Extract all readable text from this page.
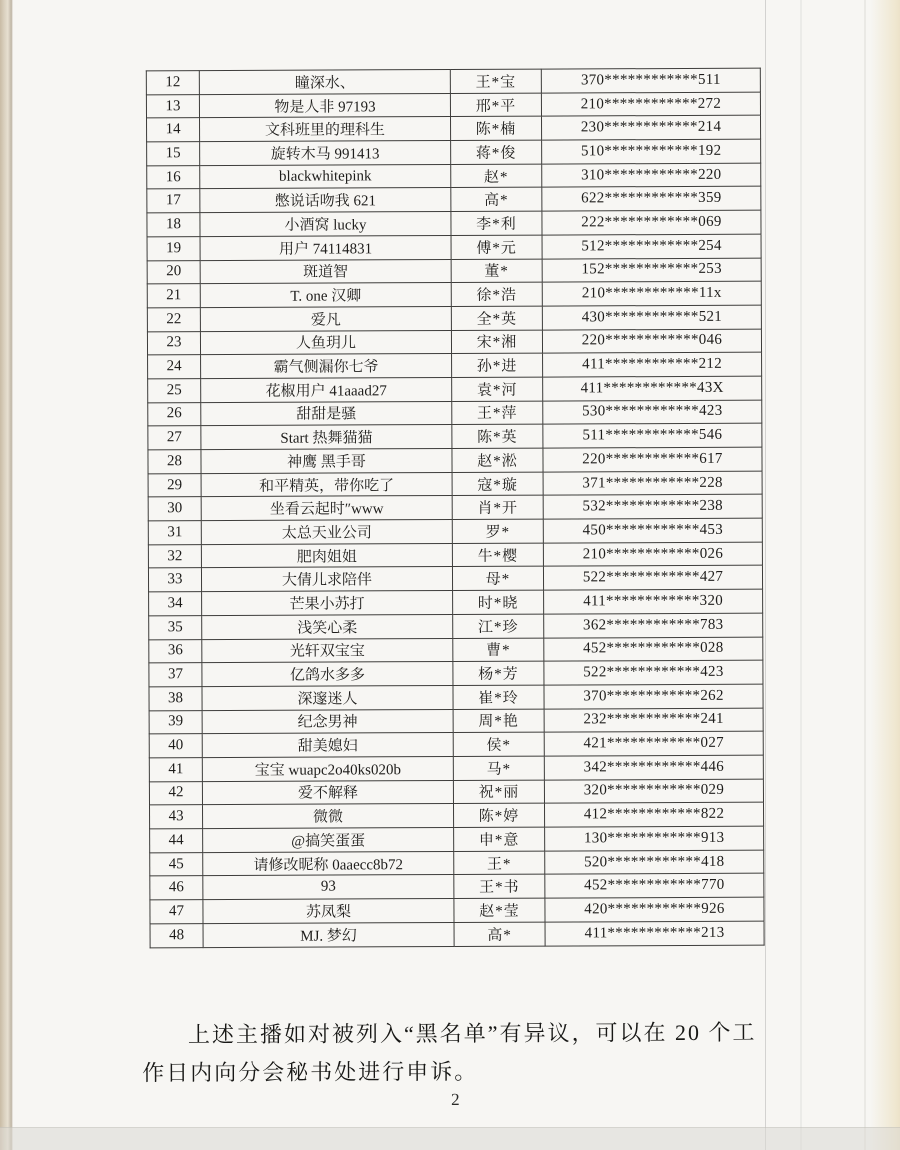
12	瞳深水、	王*宝	370************511
13	物是人非 97193	邢*平	210************272
14	文科班里的理科生	陈*楠	230************214
15	旋转木马 991413	蒋*俊	510************192
16	blackwhitepink	赵*	310************220
17	憋说话吻我 621	高*	622************359
18	小酒窝 lucky	李*利	222************069
19	用户 74114831	傅*元	512************254
20	斑道智	董*	152************253
21	T. one 汉卿	徐*浩	210************11x
22	爱凡	全*英	430************521
23	人鱼玥儿	宋*湘	220************046
24	霸气侧漏你七爷	孙*进	411************212
25	花椒用户 41aaad27	袁*河	411************43X
26	甜甜是骚	王*萍	530************423
27	Start 热舞猫猫	陈*英	511************546
28	神鹰 黑手哥	赵*淞	220************617
29	和平精英，带你吃了	寇*璇	371************228
30	坐看云起时″www	肖*开	532************238
31	太总天业公司	罗*	450************453
32	肥肉姐姐	牛*樱	210************026
33	大倩儿求陪伴	母*	522************427
34	芒果小苏打	时*晓	411************320
35	浅笑心柔	江*珍	362************783
36	光轩双宝宝	曹*	452************028
37	亿鸽水多多	杨*芳	522************423
38	深邃迷人	崔*玲	370************262
39	纪念男神	周*艳	232************241
40	甜美媳妇	侯*	421************027
41	宝宝 wuapc2o40ks020b	马*	342************446
42	爱不解释	祝*丽	320************029
43	微微	陈*婷	412************822
44	@搞笑蛋蛋	申*意	130************913
45	请修改昵称 0aaecc8b72	王*	520************418
46	93	王*书	452************770
47	苏凤梨	赵*莹	420************926
48	MJ. 梦幻	高*	411************213

上述主播如对被列入“黑名单”有异议，可以在 20 个工作日内向分会秘书处进行申诉。

2
